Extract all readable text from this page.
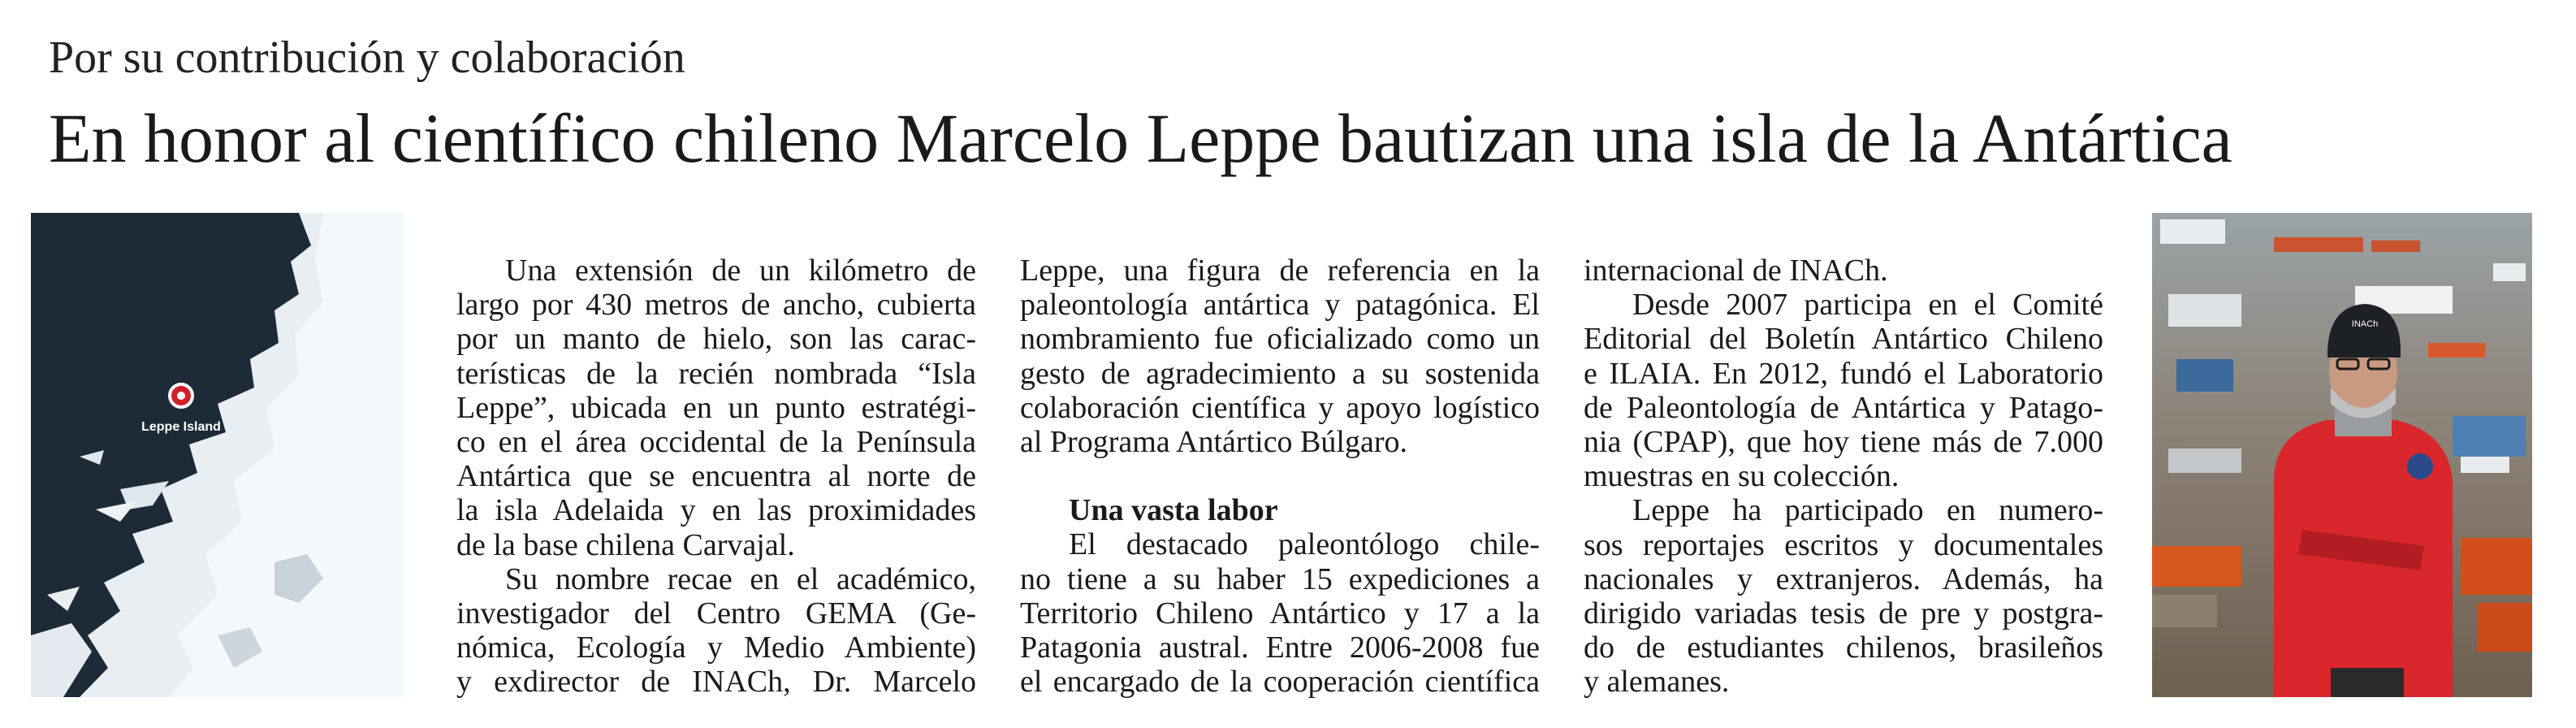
Por su contribución y colaboración
En honor al científico chileno Marcelo Leppe bautizan una isla de la Antártica
Leppe Island

Una extensión de un kilómetro de

largo por 430 metros de ancho, cubierta
por un manto de hielo, son las carac-
terísticas de la recién nombrada “Isla
Leppe”, ubicada en un punto estratégi-
co en el área occidental de la Península
Antártica que se encuentra al norte de
la isla Adelaida y en las proximidades
de la base chilena Carvajal.

Su nombre recae en el académico,

investigador del Centro GEMA (Ge-
nómica, Ecología y Medio Ambiente)
y exdirector de INACh, Dr. Marcelo
Leppe, una figura de referencia en la
paleontología antártica y patagónica. El
nombramiento fue oficializado como un
gesto de agradecimiento a su sostenida
colaboración científica y apoyo logístico
al Programa Antártico Búlgaro.

Una vasta labor

El destacado paleontólogo chile-

no tiene a su haber 15 expediciones a
Territorio Chileno Antártico y 17 a la
Patagonia austral. Entre 2006-2008 fue
el encargado de la cooperación científica
internacional de INACh.

Desde 2007 participa en el Comité

Editorial del Boletín Antártico Chileno
e ILAIA. En 2012, fundó el Laboratorio
de Paleontología de Antártica y Patago-
nia (CPAP), que hoy tiene más de 7.000
muestras en su colección.

Leppe ha participado en numero-

sos reportajes escritos y documentales
nacionales y extranjeros. Además, ha
dirigido variadas tesis de pre y postgra-
do de estudiantes chilenos, brasileños
y alemanes.
INACh
